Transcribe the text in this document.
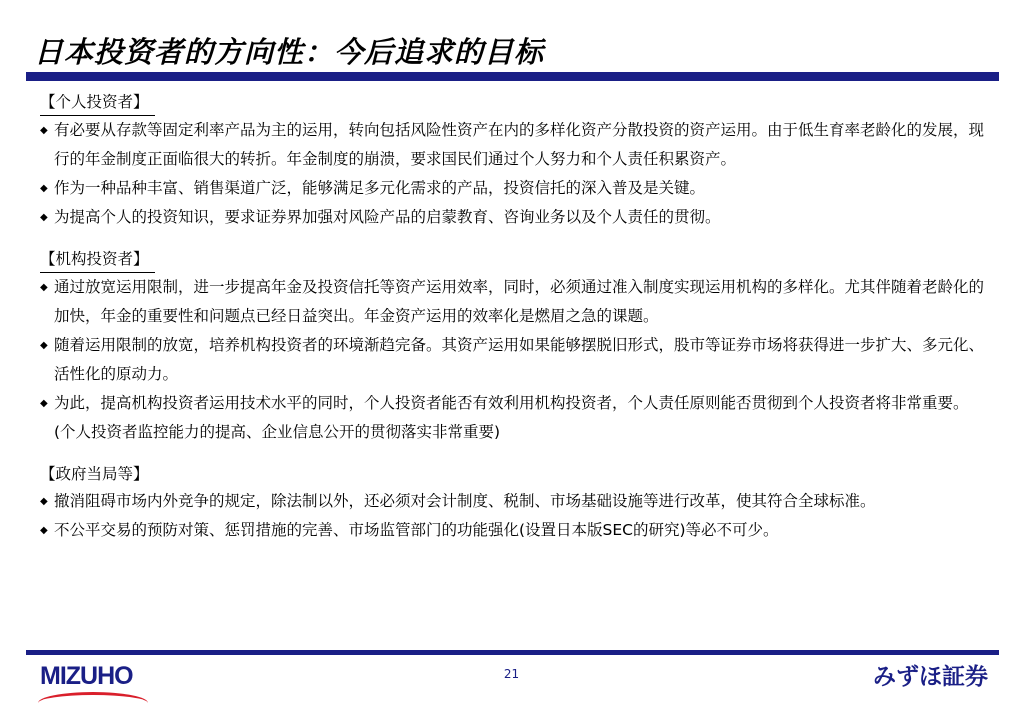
日本投资者的方向性：今后追求的目标
【个人投资者】
◆ 有必要从存款等固定利率产品为主的运用，转向包括风险性资产在内的多样化资产分散投资的资产运用。由于低生育率老龄化的发展，现行的年金制度正面临很大的转折。年金制度的崩溃，要求国民们通过个人努力和个人责任积累资产。
◆ 作为一种品种丰富、销售渠道广泛，能够满足多元化需求的产品，投资信托的深入普及是关键。
◆ 为提高个人的投资知识，要求证券界加强对风险产品的启蒙教育、咨询业务以及个人责任的贯彻。
【机构投资者】
◆ 通过放宽运用限制，进一步提高年金及投资信托等资产运用效率，同时，必须通过准入制度实现运用机构的多样化。尤其伴随着老龄化的加快，年金的重要性和问题点已经日益突出。年金资产运用的效率化是燃眉之急的课题。
◆ 随着运用限制的放宽，培养机构投资者的环境渐趋完备。其资产运用如果能够摆脱旧形式，股市等证券市场将获得进一步扩大、多元化、活性化的原动力。
◆ 为此，提高机构投资者运用技术水平的同时，个人投资者能否有效利用机构投资者，个人责任原则能否贯彻到个人投资者将非常重要。(个人投资者监控能力的提高、企业信息公开的贯彻落实非常重要)
【政府当局等】
◆ 撤消阻碍市场内外竞争的规定，除法制以外，还必须对会计制度、税制、市场基础设施等进行改革，使其符合全球标准。
◆ 不公平交易的预防对策、惩罚措施的完善、市场监管部门的功能强化(设置日本版SEC的研究)等必不可少。
MIZUHO	21	みずほ証券
